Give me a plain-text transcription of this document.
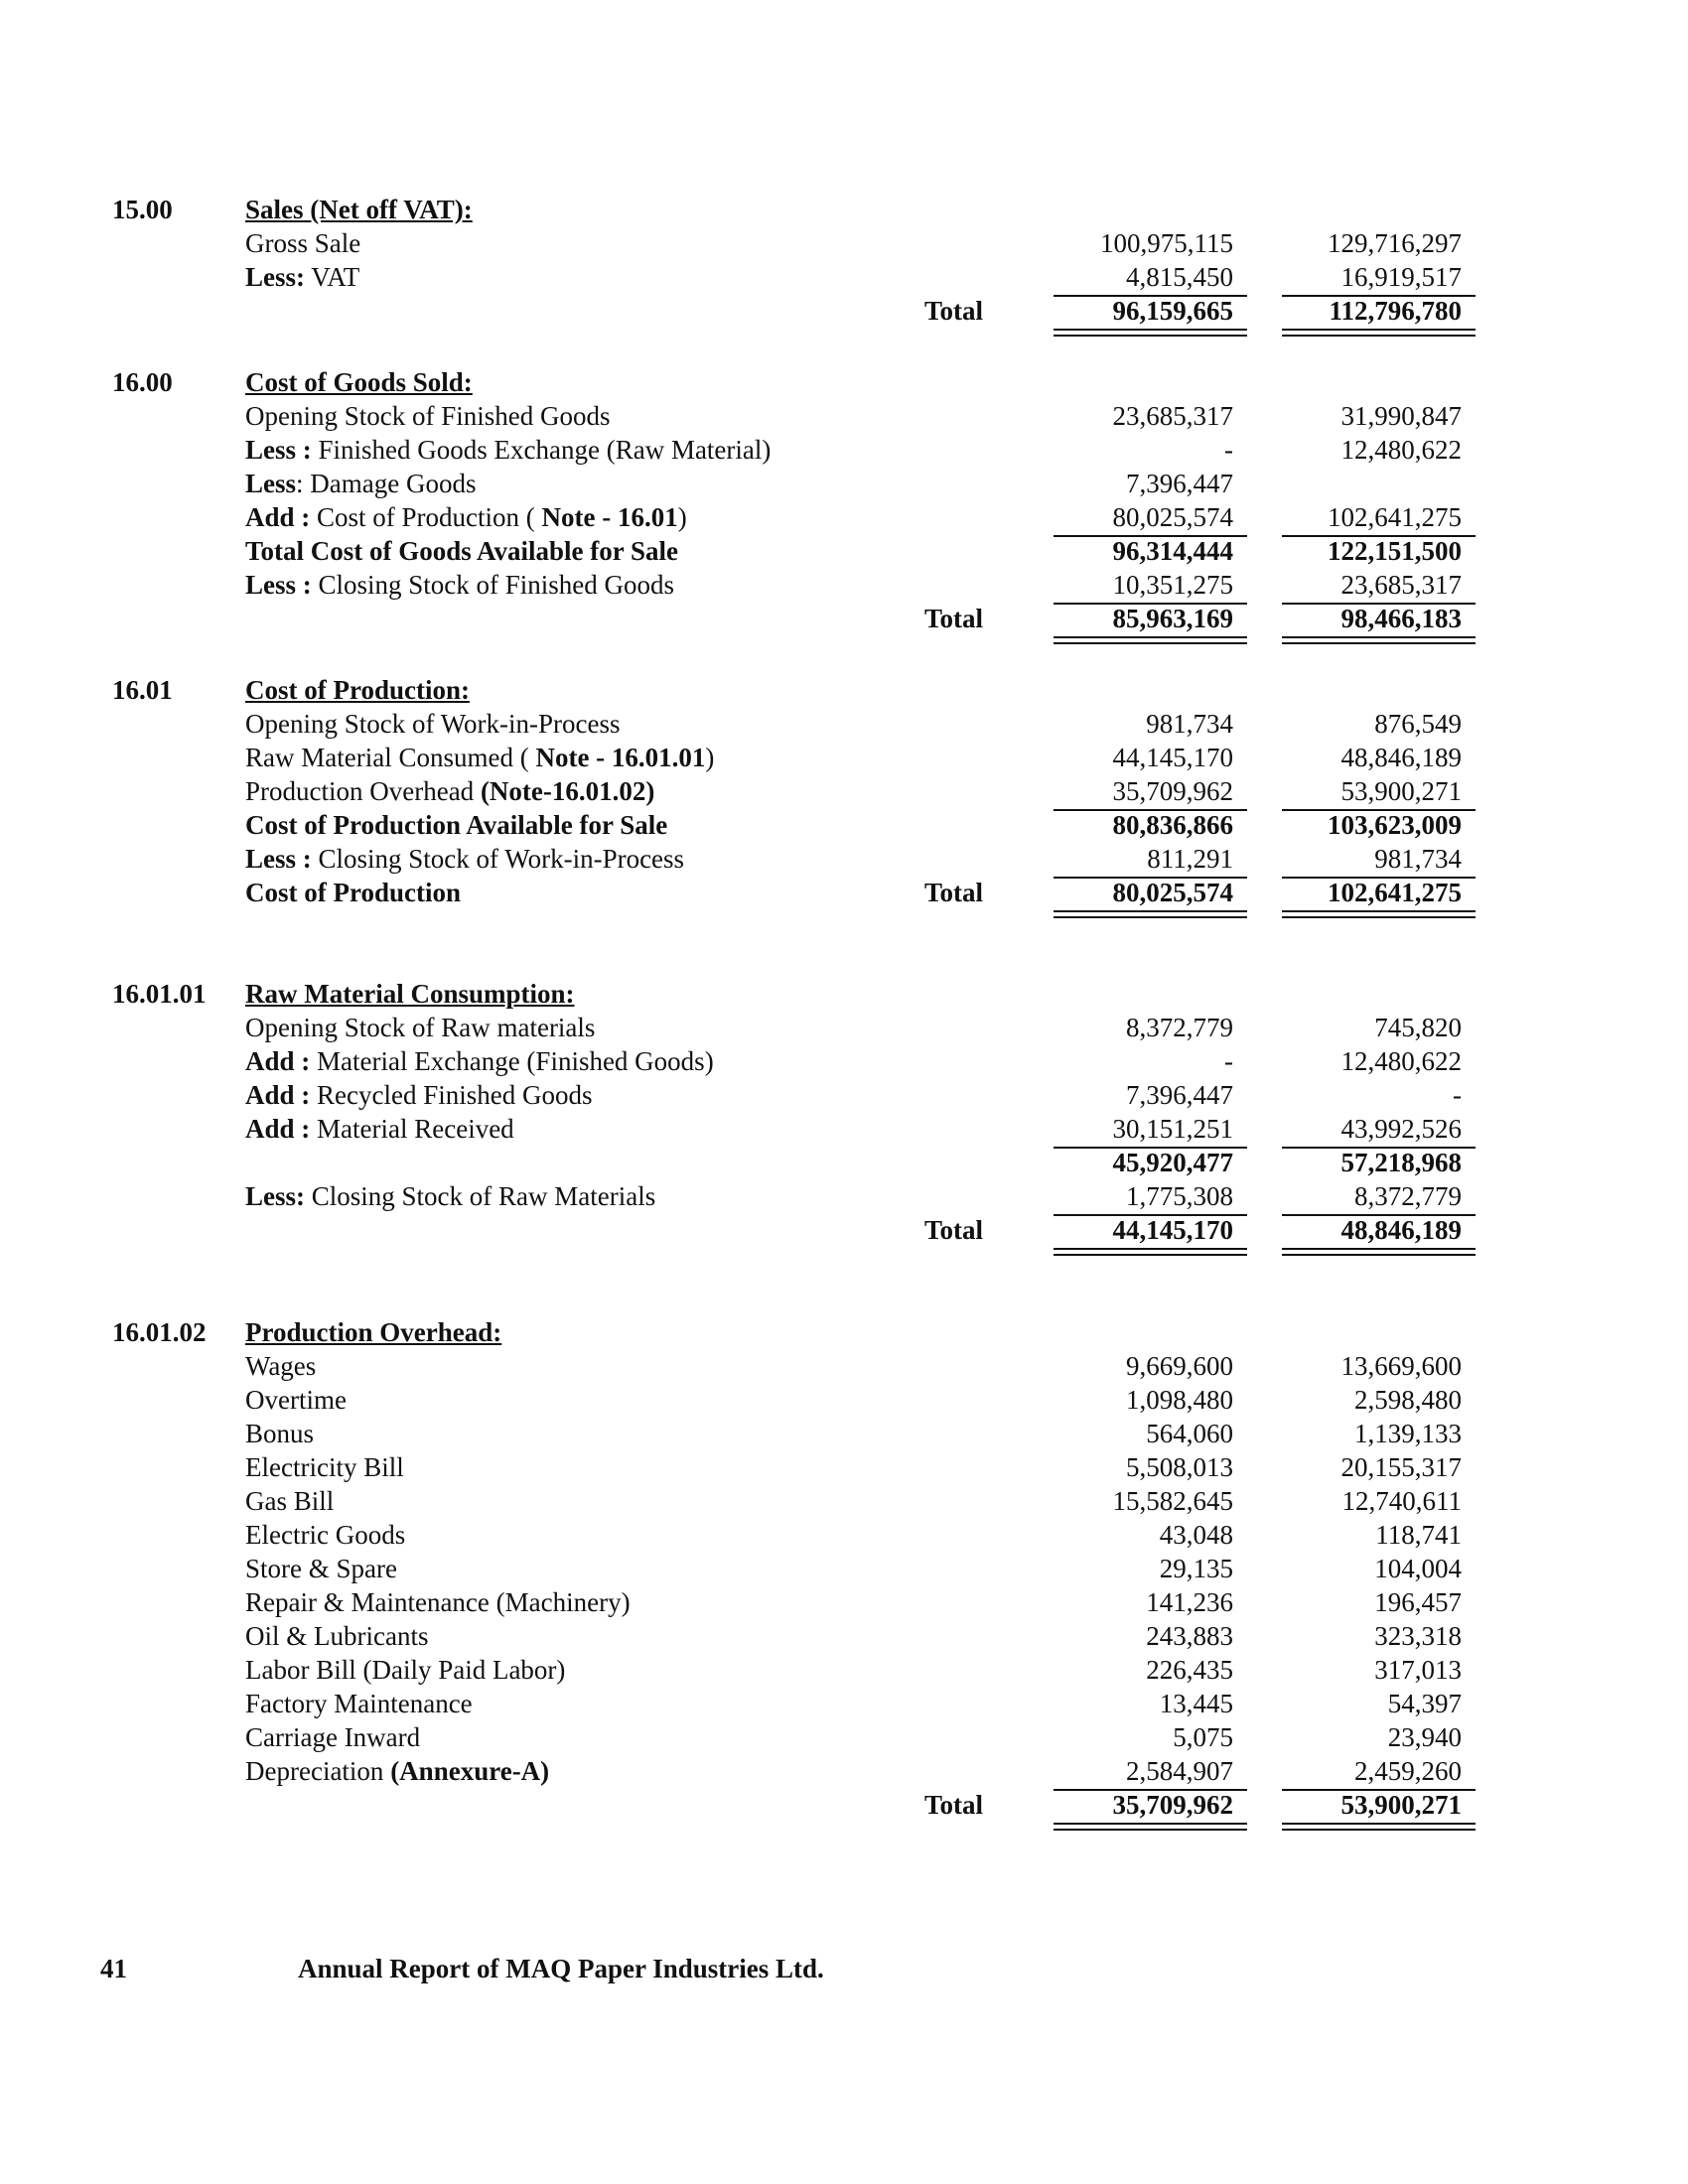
15.00	Sales (Net off VAT):
Gross Sale	100,975,115	129,716,297
Less: VAT	4,815,450	16,919,517
Total	96,159,665	112,796,780
16.00	Cost of Goods Sold:
Opening Stock of Finished Goods	23,685,317	31,990,847
Less : Finished Goods Exchange (Raw Material)	-	12,480,622
Less: Damage Goods	7,396,447
Add : Cost of Production ( Note - 16.01)	80,025,574	102,641,275
Total Cost of Goods Available for Sale	96,314,444	122,151,500
Less : Closing Stock of Finished Goods	10,351,275	23,685,317
Total	85,963,169	98,466,183
16.01	Cost of Production:
Opening Stock of Work-in-Process	981,734	876,549
Raw Material Consumed ( Note - 16.01.01)	44,145,170	48,846,189
Production Overhead (Note-16.01.02)	35,709,962	53,900,271
Cost of Production Available for Sale	80,836,866	103,623,009
Less : Closing Stock of Work-in-Process	811,291	981,734
Cost of Production	Total	80,025,574	102,641,275
16.01.01 Raw Material Consumption:
Opening Stock of Raw materials	8,372,779	745,820
Add : Material Exchange (Finished Goods)	-	12,480,622
Add : Recycled Finished Goods	7,396,447	-
Add : Material Received	30,151,251	43,992,526
45,920,477	57,218,968
Less: Closing Stock of Raw Materials	1,775,308	8,372,779
Total	44,145,170	48,846,189
16.01.02 Production Overhead:
Wages	9,669,600	13,669,600
Overtime	1,098,480	2,598,480
Bonus	564,060	1,139,133
Electricity Bill	5,508,013	20,155,317
Gas Bill	15,582,645	12,740,611
Electric Goods	43,048	118,741
Store & Spare	29,135	104,004
Repair & Maintenance (Machinery)	141,236	196,457
Oil & Lubricants	243,883	323,318
Labor Bill (Daily Paid Labor)	226,435	317,013
Factory Maintenance	13,445	54,397
Carriage Inward	5,075	23,940
Depreciation (Annexure-A)	2,584,907	2,459,260
Total	35,709,962	53,900,271
41	Annual Report of MAQ Paper Industries Ltd.
